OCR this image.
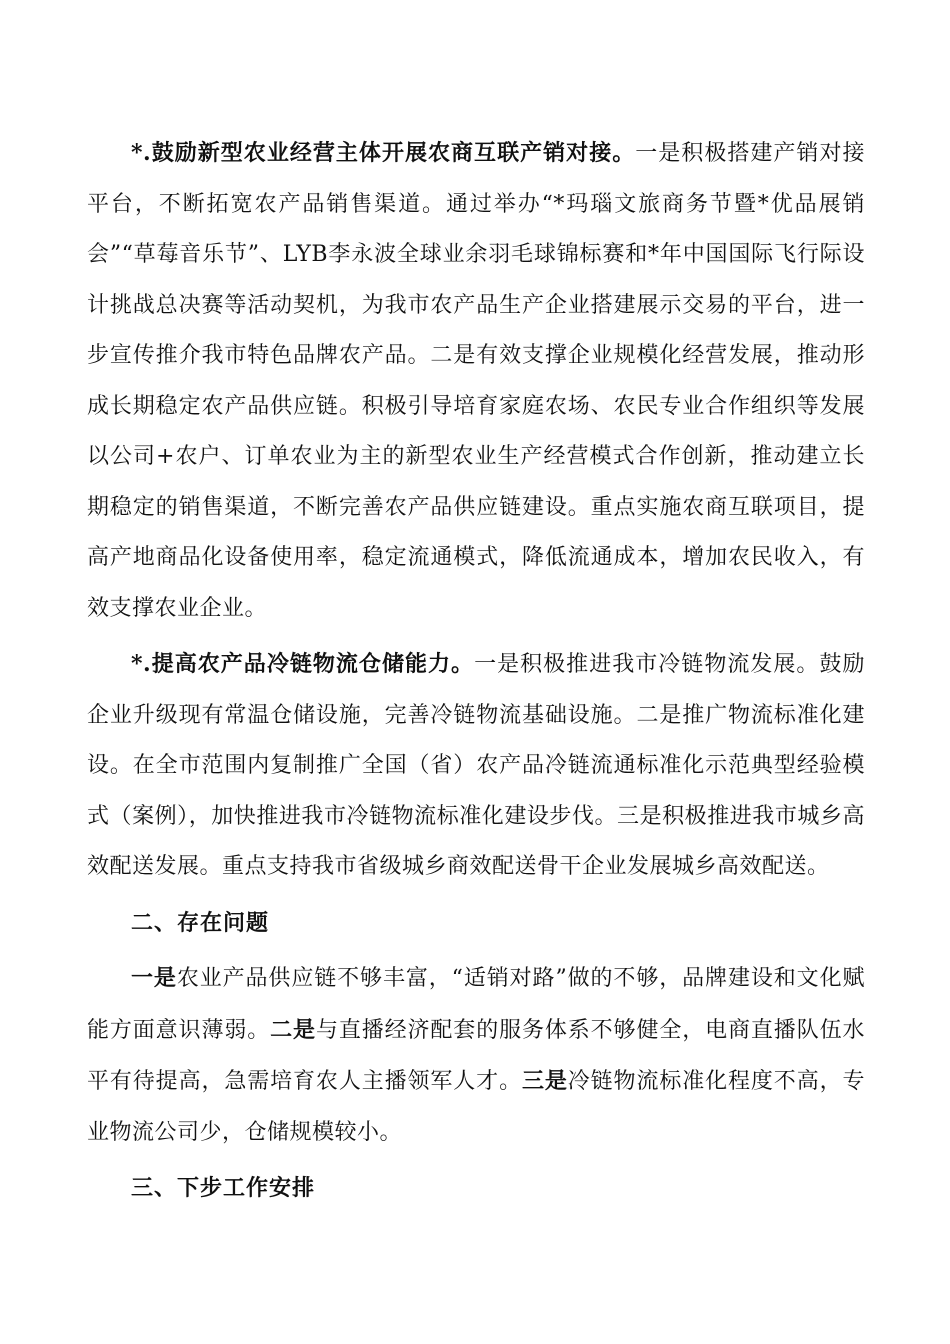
*.鼓励新型农业经营主体开展农商互联产销对接。一是积极搭建产销对接平台，不断拓宽农产品销售渠道。通过举办“*玛瑙文旅商务节暨*优品展销会”“草莓音乐节”、LYB李永波全球业余羽毛球锦标赛和*年中国国际飞行际设计挑战总决赛等活动契机，为我市农产品生产企业搭建展示交易的平台，进一步宣传推介我市特色品牌农产品。二是有效支撑企业规模化经营发展，推动形成长期稳定农产品供应链。积极引导培育家庭农场、农民专业合作组织等发展以公司+农户、订单农业为主的新型农业生产经营模式合作创新，推动建立长期稳定的销售渠道，不断完善农产品供应链建设。重点实施农商互联项目，提高产地商品化设备使用率，稳定流通模式，降低流通成本，增加农民收入，有效支撑农业企业。

*.提高农产品冷链物流仓储能力。一是积极推进我市冷链物流发展。鼓励企业升级现有常温仓储设施，完善冷链物流基础设施。二是推广物流标准化建设。在全市范围内复制推广全国（省）农产品冷链流通标准化示范典型经验模式（案例），加快推进我市冷链物流标准化建设步伐。三是积极推进我市城乡高效配送发展。重点支持我市省级城乡商效配送骨干企业发展城乡高效配送。

二、存在问题

一是农业产品供应链不够丰富，“适销对路”做的不够，品牌建设和文化赋能方面意识薄弱。二是与直播经济配套的服务体系不够健全，电商直播队伍水平有待提高，急需培育农人主播领军人才。三是冷链物流标准化程度不高，专业物流公司少，仓储规模较小。

三、下步工作安排
